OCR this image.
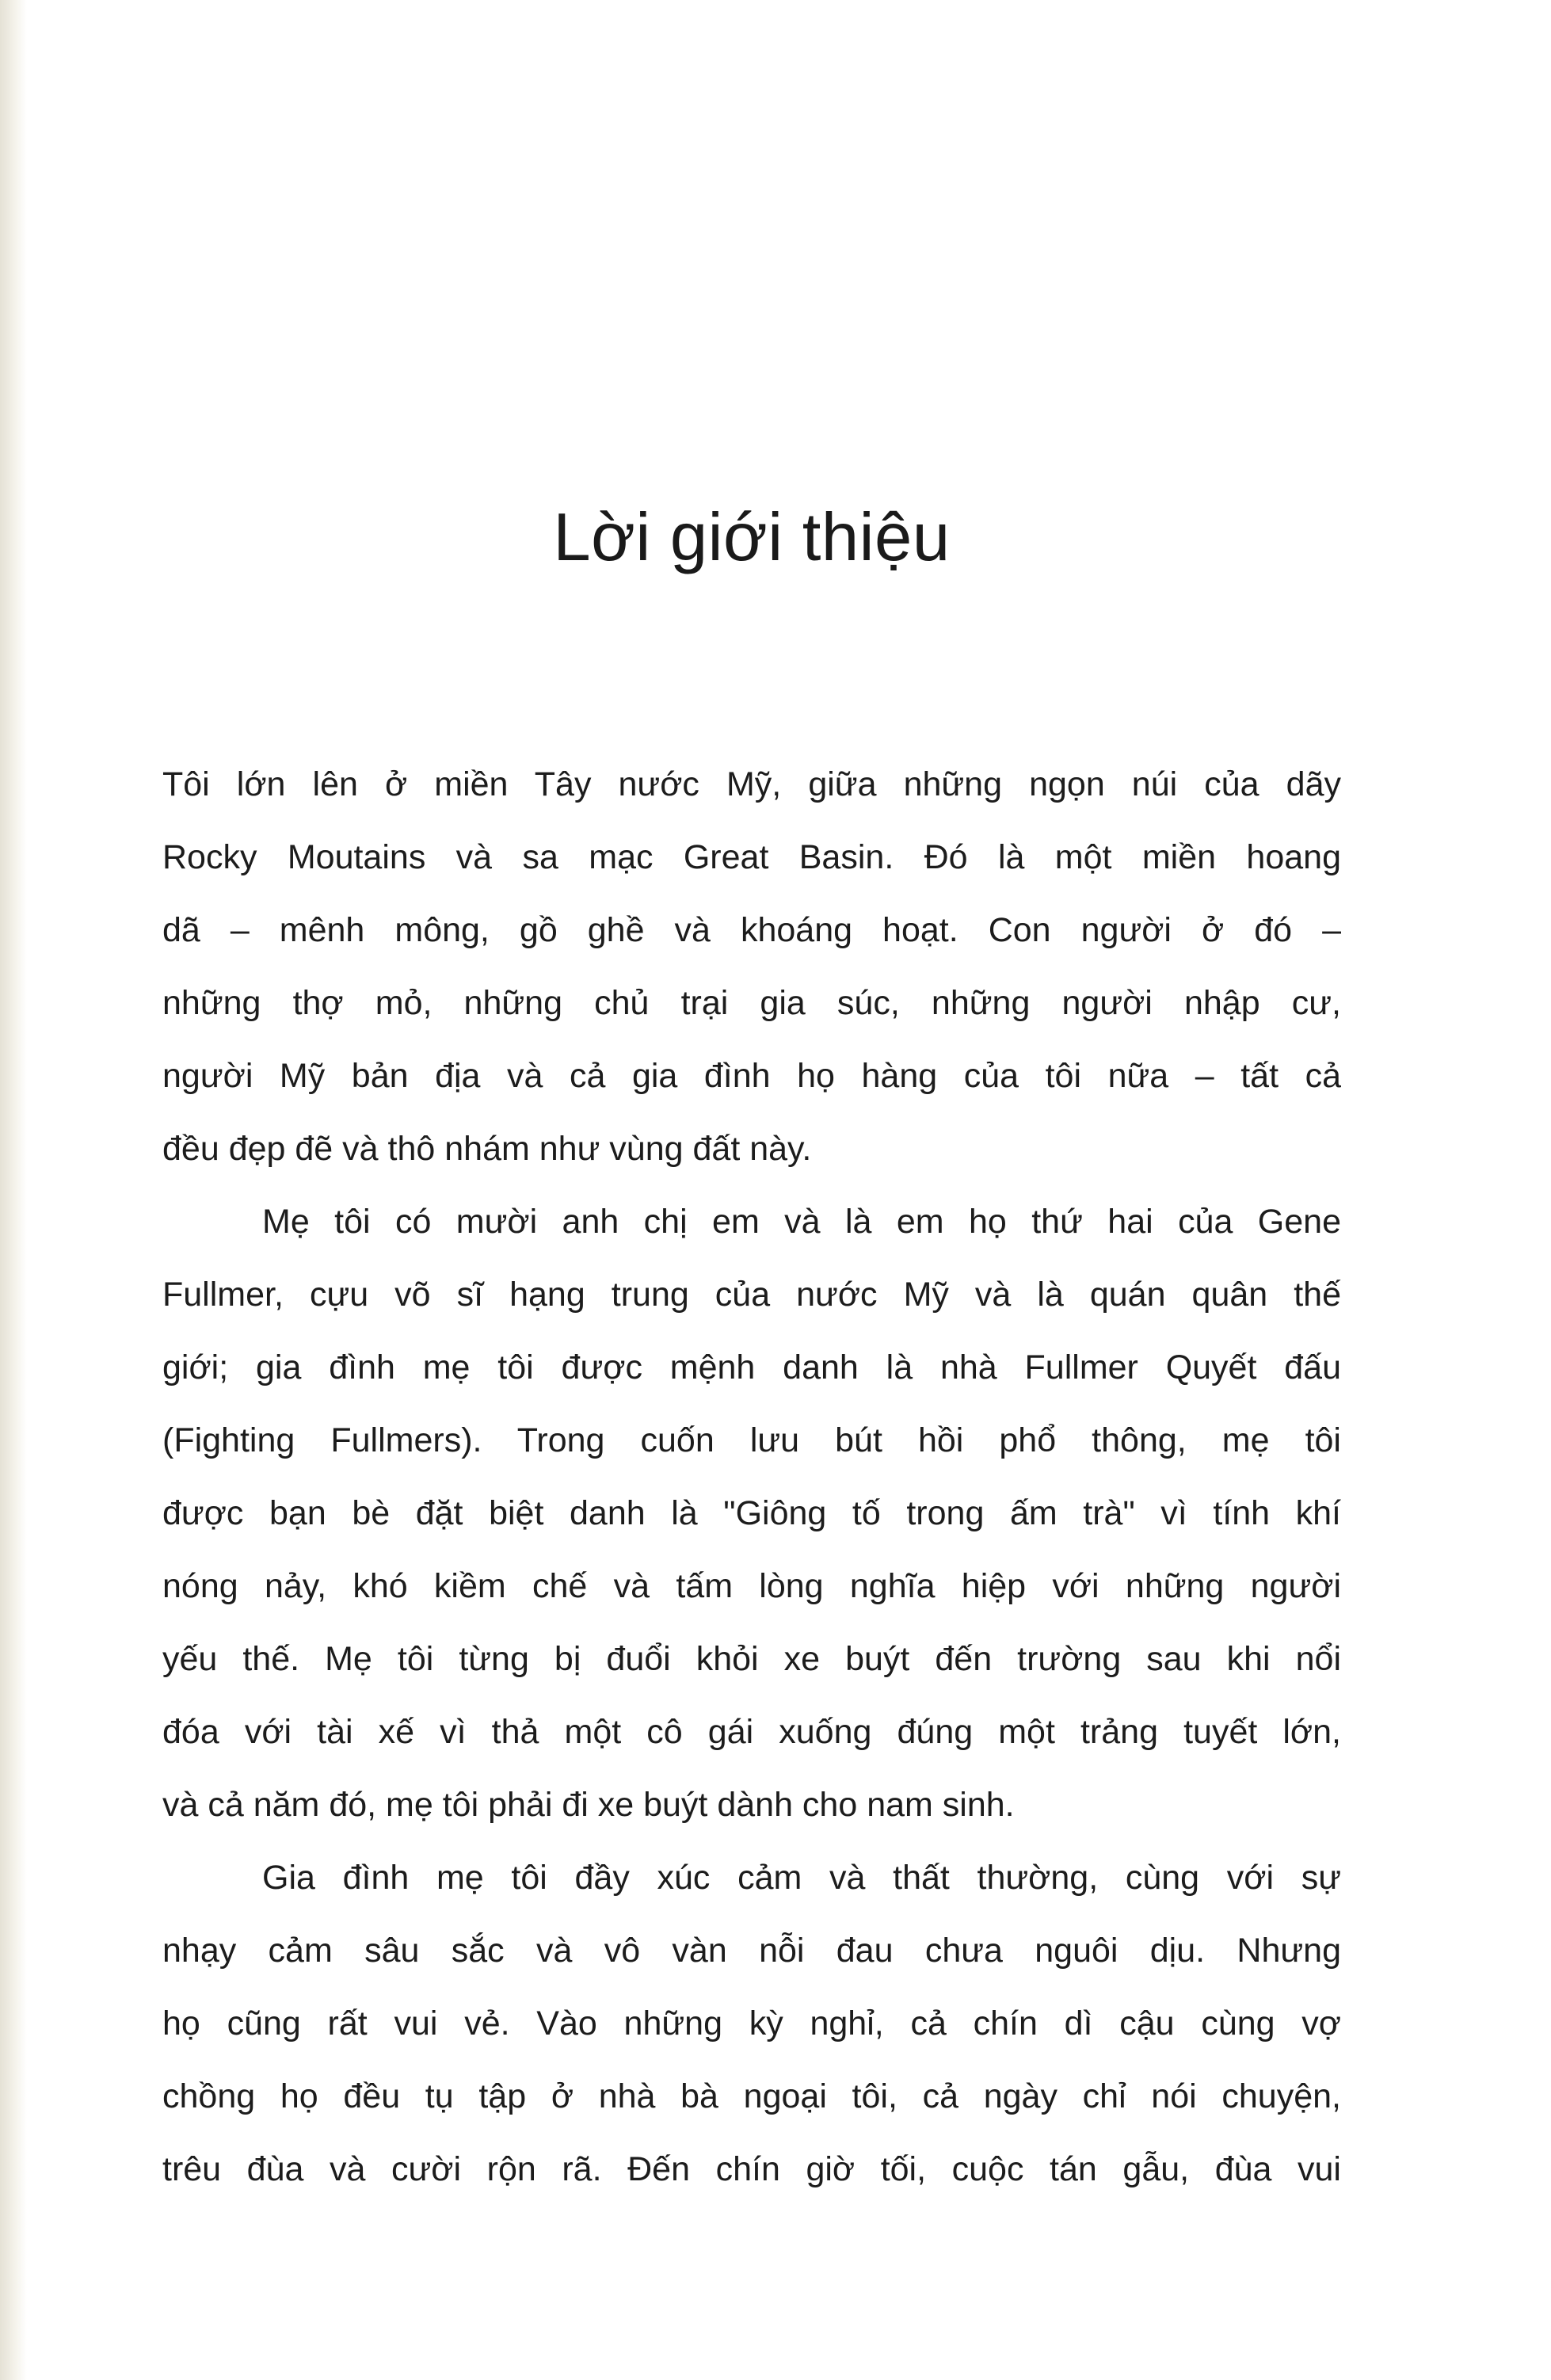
Lời giới thiệu
Tôi lớn lên ở miền Tây nước Mỹ, giữa những ngọn núi của dãy
Rocky Moutains và sa mạc Great Basin. Đó là một miền hoang
dã – mênh mông, gồ ghề và khoáng hoạt. Con người ở đó –
những thợ mỏ, những chủ trại gia súc, những người nhập cư,
người Mỹ bản địa và cả gia đình họ hàng của tôi nữa – tất cả
đều đẹp đẽ và thô nhám như vùng đất này.
Mẹ tôi có mười anh chị em và là em họ thứ hai của Gene
Fullmer, cựu võ sĩ hạng trung của nước Mỹ và là quán quân thế
giới; gia đình mẹ tôi được mệnh danh là nhà Fullmer Quyết đấu
(Fighting Fullmers). Trong cuốn lưu bút hồi phổ thông, mẹ tôi
được bạn bè đặt biệt danh là "Giông tố trong ấm trà" vì tính khí
nóng nảy, khó kiềm chế và tấm lòng nghĩa hiệp với những người
yếu thế. Mẹ tôi từng bị đuổi khỏi xe buýt đến trường sau khi nổi
đóa với tài xế vì thả một cô gái xuống đúng một trảng tuyết lớn,
và cả năm đó, mẹ tôi phải đi xe buýt dành cho nam sinh.
Gia đình mẹ tôi đầy xúc cảm và thất thường, cùng với sự
nhạy cảm sâu sắc và vô vàn nỗi đau chưa nguôi dịu. Nhưng
họ cũng rất vui vẻ. Vào những kỳ nghỉ, cả chín dì cậu cùng vợ
chồng họ đều tụ tập ở nhà bà ngoại tôi, cả ngày chỉ nói chuyện,
trêu đùa và cười rộn rã. Đến chín giờ tối, cuộc tán gẫu, đùa vui
